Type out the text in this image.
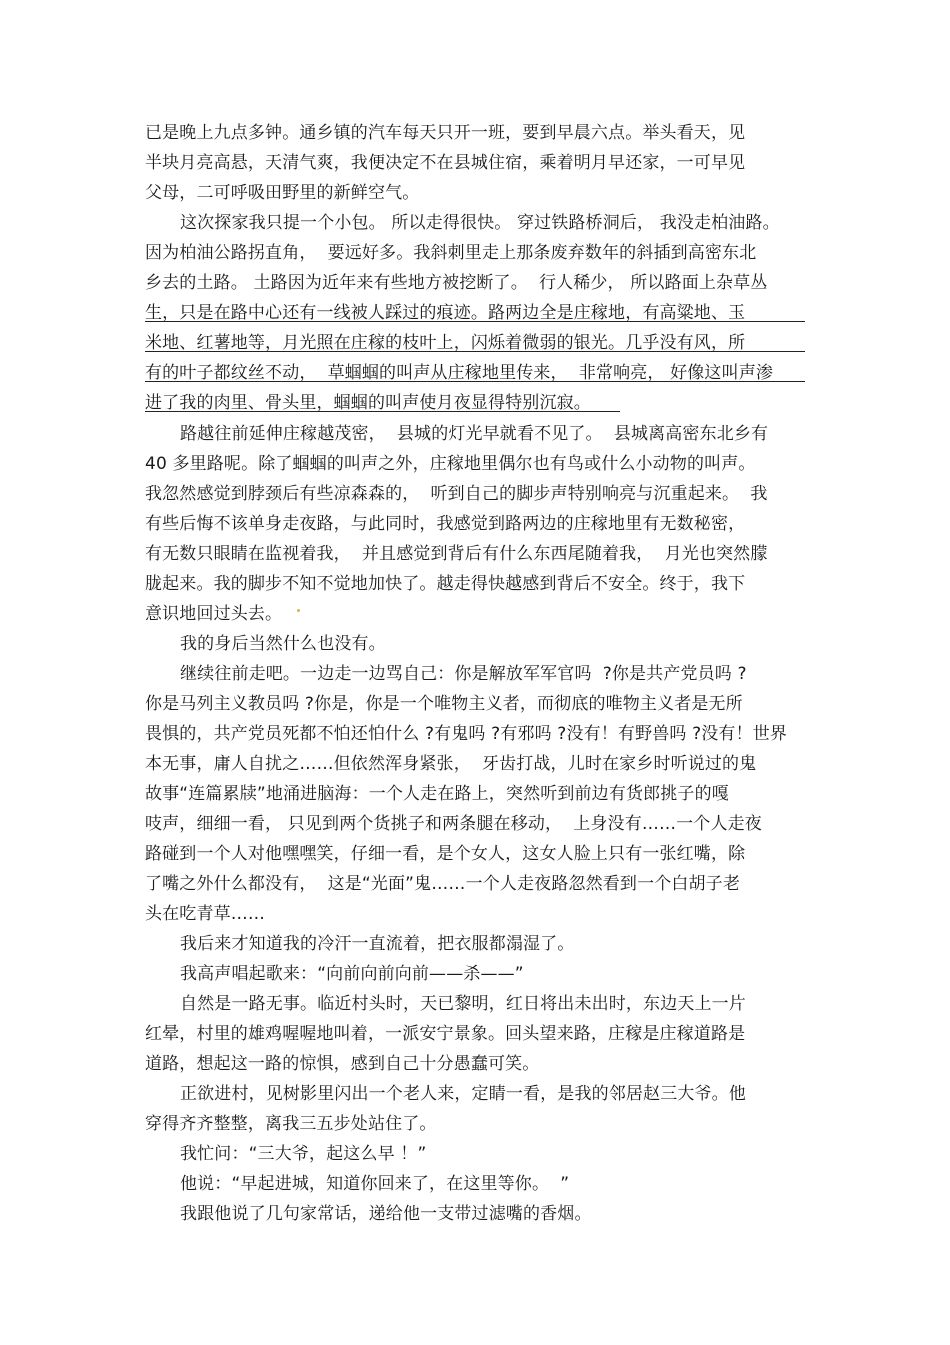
已是晚上九点多钟。通乡镇的汽车每天只开一班，要到早晨六点。举头看天，见
半块月亮高悬，天清气爽，我便决定不在县城住宿，乘着明月早还家，一可早见
父母，二可呼吸田野里的新鲜空气。
这次探家我只提一个小包。 所以走得很快。 穿过铁路桥洞后， 我没走柏油路。
因为柏油公路拐直角，  要远好多。我斜刺里走上那条废弃数年的斜插到高密东北
乡去的土路。 土路因为近年来有些地方被挖断了。  行人稀少， 所以路面上杂草丛
生，只是在路中心还有一线被人踩过的痕迹。路两边全是庄稼地，有高粱地、玉
米地、红薯地等，月光照在庄稼的枝叶上，闪烁着微弱的银光。几乎没有风，所
有的叶子都纹丝不动，  草蝈蝈的叫声从庄稼地里传来，  非常响亮， 好像这叫声渗
进了我的肉里、骨头里，蝈蝈的叫声使月夜显得特别沉寂。
路越往前延伸庄稼越茂密，  县城的灯光早就看不见了。  县城离高密东北乡有
40 多里路呢。除了蝈蝈的叫声之外，庄稼地里偶尔也有鸟或什么小动物的叫声。
我忽然感觉到脖颈后有些凉森森的，  听到自己的脚步声特别响亮与沉重起来。  我
有些后悔不该单身走夜路，与此同时，我感觉到路两边的庄稼地里有无数秘密，
有无数只眼睛在监视着我，  并且感觉到背后有什么东西尾随着我，  月光也突然朦
胧起来。我的脚步不知不觉地加快了。越走得快越感到背后不安全。终于，我下
意识地回过头去。
我的身后当然什么也没有。
继续往前走吧。一边走一边骂自己：你是解放军军官吗  ?你是共产党员吗 ?
你是马列主义教员吗 ?你是，你是一个唯物主义者，而彻底的唯物主义者是无所
畏惧的，共产党员死都不怕还怕什么 ?有鬼吗 ?有邪吗 ?没有！有野兽吗 ?没有！世界
本无事，庸人自扰之……但依然浑身紧张，  牙齿打战，儿时在家乡时听说过的鬼
故事“连篇累牍”地涌进脑海：一个人走在路上，突然听到前边有货郎挑子的嘎
吱声，细细一看， 只见到两个货挑子和两条腿在移动，  上身没有……一个人走夜
路碰到一个人对他嘿嘿笑，仔细一看，是个女人，这女人脸上只有一张红嘴，除
了嘴之外什么都没有，  这是“光面”鬼……一个人走夜路忽然看到一个白胡子老
头在吃青草……
我后来才知道我的冷汗一直流着，把衣服都溻湿了。
我高声唱起歌来：“向前向前向前——杀——”
自然是一路无事。临近村头时，天已黎明，红日将出未出时，东边天上一片
红晕，村里的雄鸡喔喔地叫着，一派安宁景象。回头望来路，庄稼是庄稼道路是
道路，想起这一路的惊惧，感到自己十分愚蠢可笑。
正欲进村，见树影里闪出一个老人来，定睛一看，是我的邻居赵三大爷。他
穿得齐齐整整，离我三五步处站住了。
我忙问：“三大爷，起这么早 ！”
他说：“早起进城，知道你回来了，在这里等你。  ”
我跟他说了几句家常话，递给他一支带过滤嘴的香烟。
